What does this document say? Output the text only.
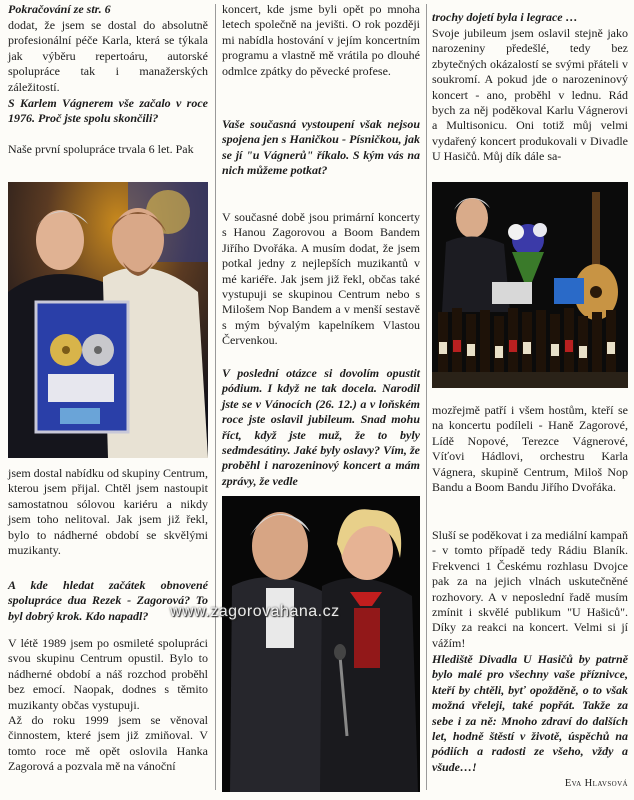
Pokračování ze str. 6

dodat, že jsem se dostal do absolutně profesionální péče Karla, která se týkala jak výběru repertoáru, autorské spolupráce tak i manažerských záležitostí.

S Karlem Vágnerem vše začalo v roce 1976. Proč jste spolu skončili?

Naše první spolupráce trvala 6 let. Pak

jsem dostal nabídku od skupiny Centrum, kterou jsem přijal. Chtěl jsem nastoupit samostatnou sólovou kariéru a nikdy jsem toho nelitoval. Jak jsem již řekl, bylo to nádherné období se skvělými muzikanty.

A kde hledat začátek obnovené spolupráce dua Rezek - Zagorová? To byl dobrý krok. Kdo napadl?

V létě 1989 jsem po osmileté spolupráci svou skupinu Centrum opustil. Bylo to nádherné období a náš rozchod proběhl bez emocí. Naopak, dodnes s těmito muzikanty občas vystupuji.

Až do roku 1999 jsem se věnoval činnostem, které jsem již zmiňoval. V tomto roce mě opět oslovila Hanka Zagorová a pozvala mě na vánoční

koncert, kde jsme byli opět po mnoha letech společně na jevišti. O rok později mi nabídla hostování v jejím koncertním programu a vlastně mě vrátila po dlouhé odmlce zpátky do pěvecké profese.

Vaše současná vystoupení však nejsou spojena jen s Haničkou - Písničkou, jak se jí "u Vágnerů" říkalo. S kým vás na nich můžeme potkat?

V současné době jsou primární koncerty s Hanou Zagorovou a Boom Bandem Jiřího Dvořáka. A musím dodat, že jsem potkal jedny z nejlepších muzikantů v mé kariéře. Jak jsem již řekl, občas také vystupuji se skupinou Centrum nebo s Milošem Nop Bandem a v menší sestavě s mým bývalým kapelníkem Vlastou Červenkou.

V poslední otázce si dovolím opustit pódium. I když ne tak docela. Narodil jste se v Vánocích (26. 12.) a v loňském roce jste oslavil jubileum. Snad mohu říct, když jste muž, že to byly sedmdesátiny. Jaké byly oslavy? Vím, že proběhl i narozeninový koncert a mám zprávy, že vedle

trochy dojetí byla i legrace …

Svoje jubileum jsem oslavil stejně jako narozeniny předešlé, tedy bez zbytečných okázalostí se svými přáteli v soukromí. A pokud jde o narozeninový koncert - ano, proběhl v lednu. Rád bych za něj poděkoval Karlu Vágnerovi a Multisonicu. Oni totiž můj velmi vydařený koncert produkovali v Divadle U Hasičů. Můj dík dále sa-

mozřejmě patří i všem hostům, kteří se na koncertu podíleli - Haně Zagorové, Lídě Nopové, Terezce Vágnerové, Víťovi Hádlovi, orchestru Karla Vágnera, skupině Centrum, Miloš Nop Bandu a Boom Bandu Jiřího Dvořáka.

Sluší se poděkovat i za mediální kampaň - v tomto případě tedy Rádiu Blaník. Frekvenci 1 Českému rozhlasu Dvojce pak za na jejich vlnách uskutečněné rozhovory. A v neposlední řadě musím zmínit i skvělé publikum "U Hašiců". Díky za reakci na koncert. Velmi si jí vážím!

Hlediště Divadla U Hasičů by patrně bylo malé pro všechny vaše příznivce, kteří by chtěli, byť opožděně, o to však možná vřeleji, také popřát. Takže za sebe i za ně: Mnoho zdraví do dalších let, hodně štěstí v životě, úspěchů na pódiích a radosti ze všeho, vždy a všude…!

www.zagorovahana.cz
Eva Hlavsová
